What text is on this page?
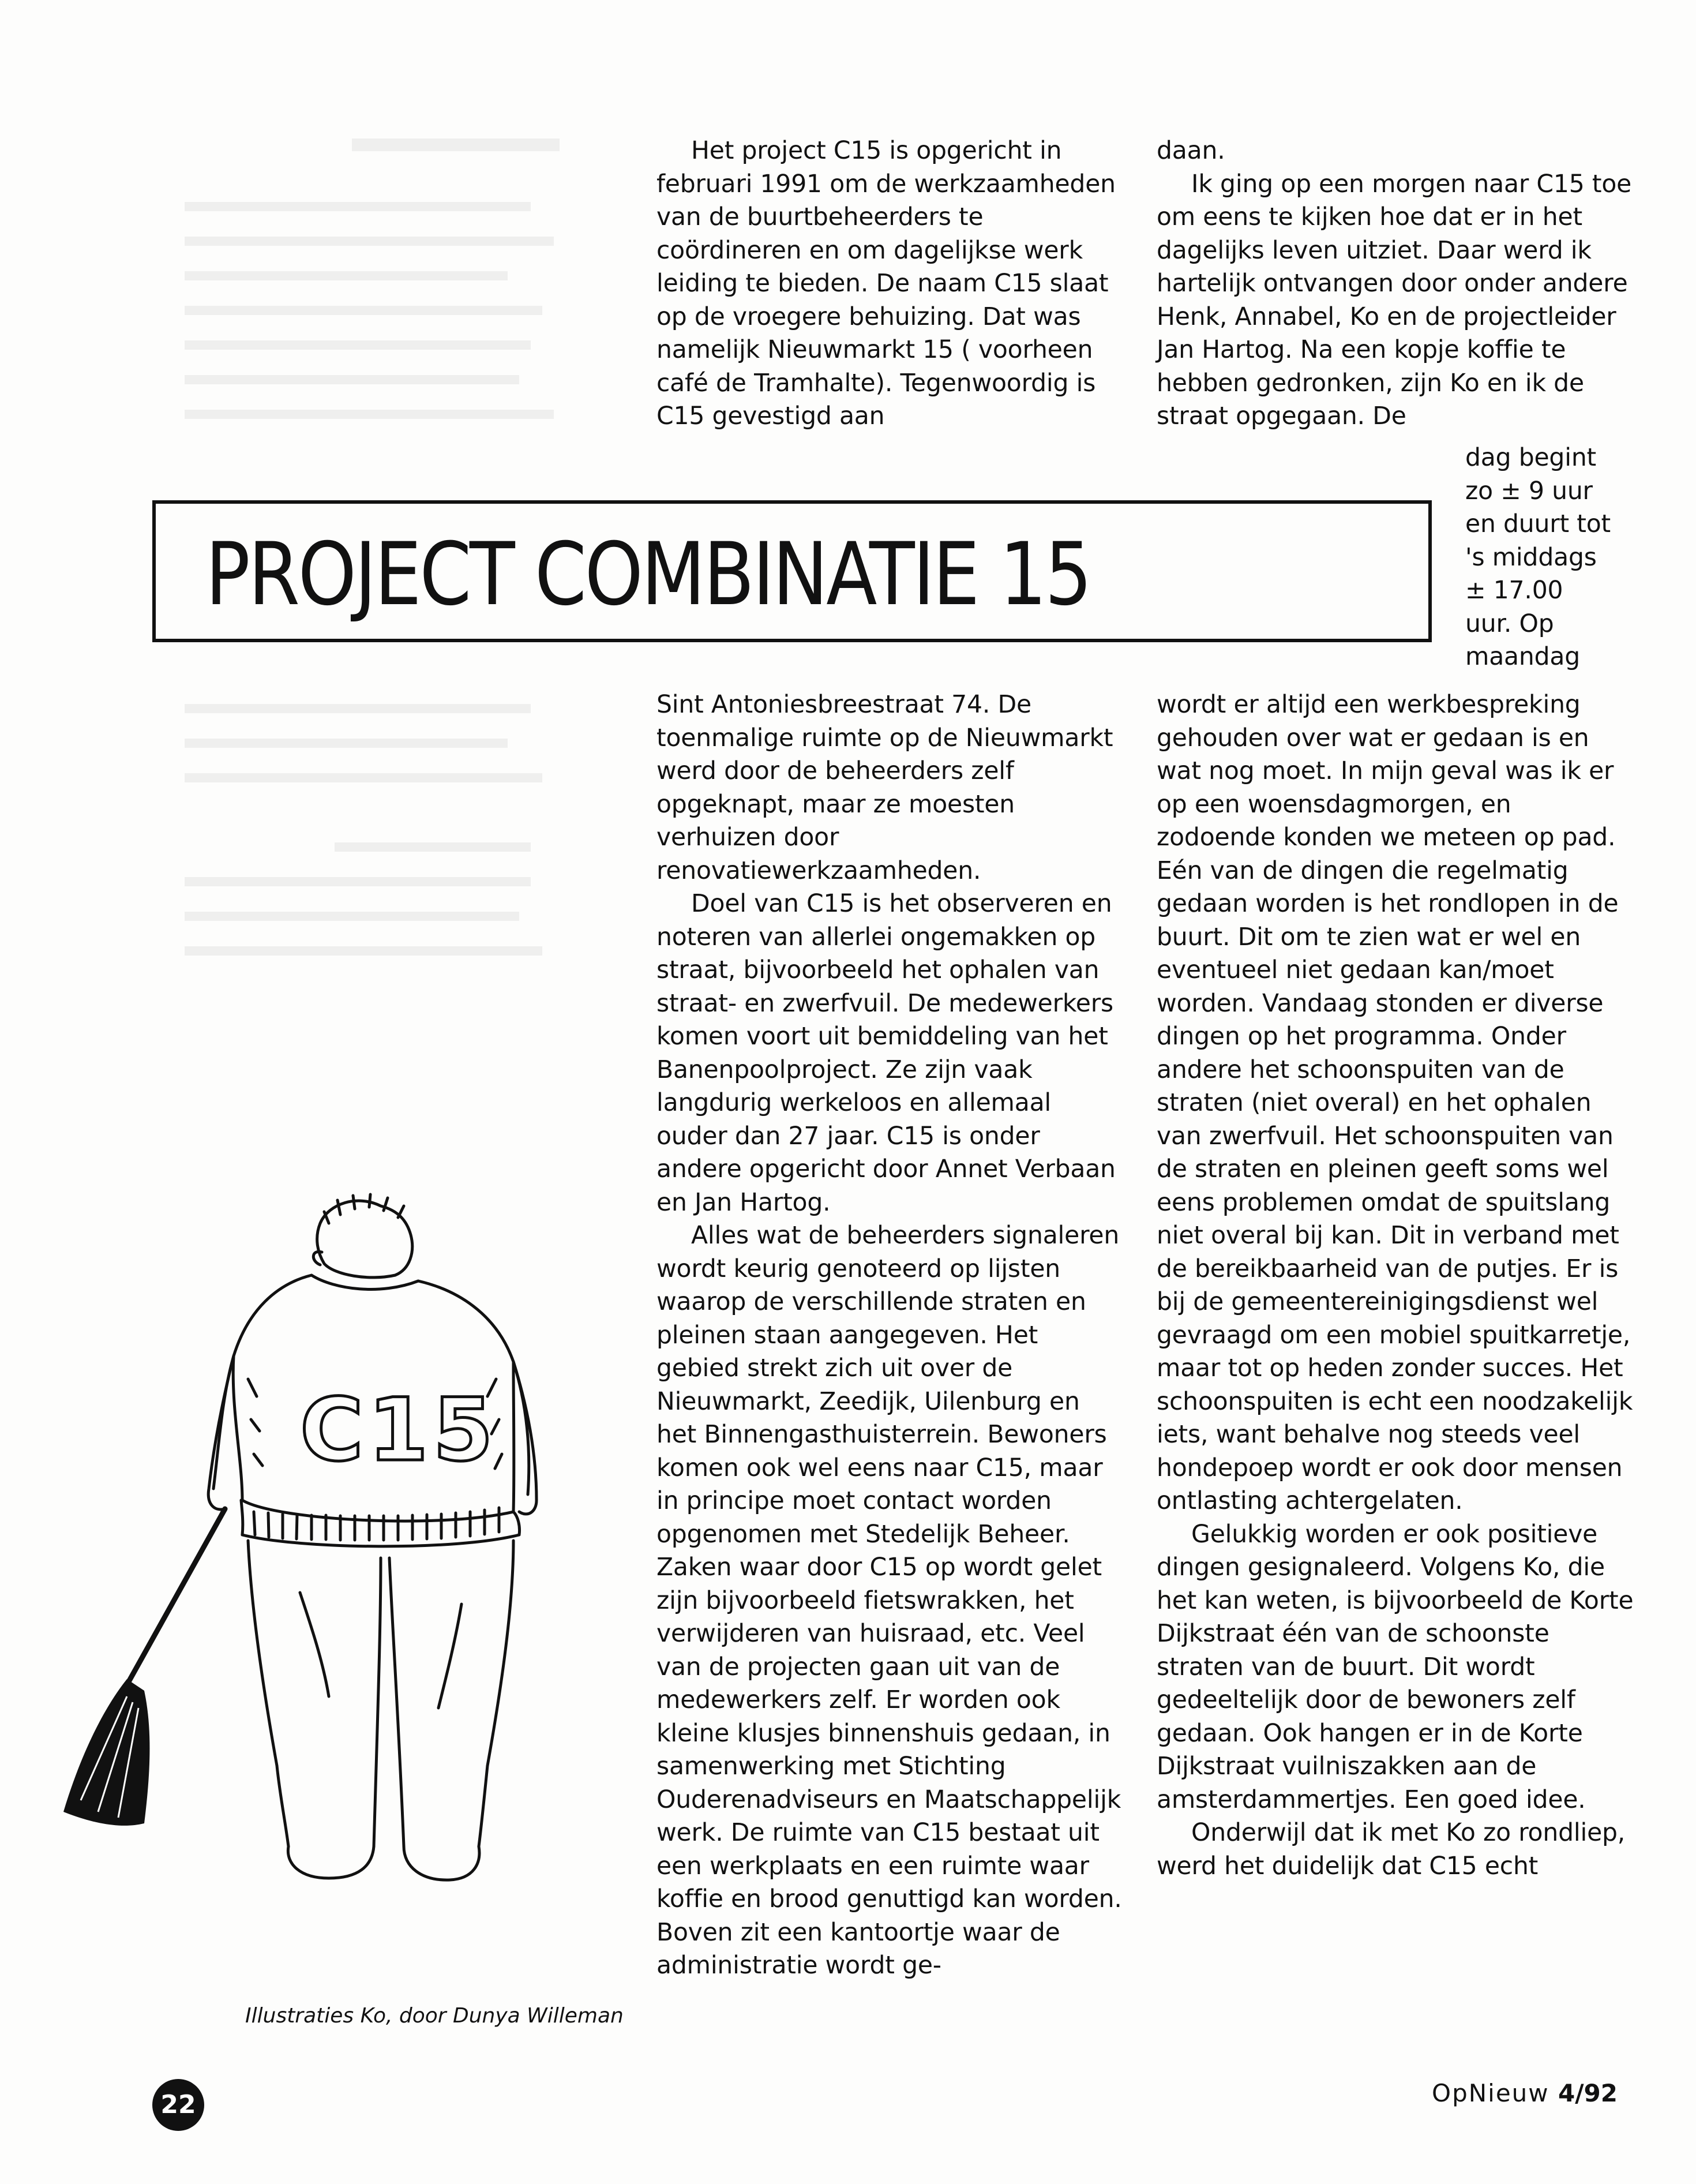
Het project C15 is opgericht in februari 1991 om de werkzaamheden van de buurtbeheerders te coördineren en om dagelijkse werk leiding te bieden. De naam C15 slaat op de vroegere behuizing. Dat was namelijk Nieuwmarkt 15 ( voorheen café de Tramhalte). Tegenwoordig is C15 gevestigd aan

daan.

Ik ging op een morgen naar C15 toe om eens te kijken hoe dat er in het dagelijks leven uitziet. Daar werd ik hartelijk ontvangen door onder andere Henk, Annabel, Ko en de projectleider Jan Hartog. Na een kopje koffie te hebben gedronken, zijn Ko en ik de straat opgegaan. De

dag begint

zo ± 9 uur

en duurt tot

's middags

± 17.00

uur. Op

maandag

PROJECT COMBINATIE 15

Sint Antoniesbreestraat 74. De toenmalige ruimte op de Nieuwmarkt werd door de beheerders zelf opgeknapt, maar ze moesten verhuizen door renovatiewerkzaamheden.

Doel van C15 is het observeren en noteren van allerlei ongemakken op straat, bijvoorbeeld het ophalen van straat- en zwerfvuil. De medewerkers komen voort uit bemiddeling van het Banenpoolproject. Ze zijn vaak langdurig werkeloos en allemaal ouder dan 27 jaar. C15 is onder andere opgericht door Annet Verbaan en Jan Hartog.

Alles wat de beheerders signaleren wordt keurig genoteerd op lijsten waarop de verschillende straten en pleinen staan aangegeven. Het gebied strekt zich uit over de Nieuwmarkt, Zeedijk, Uilenburg en het Binnengasthuisterrein. Bewoners komen ook wel eens naar C15, maar in principe moet contact worden opgenomen met Stedelijk Beheer. Zaken waar door C15 op wordt gelet zijn bijvoorbeeld fietswrakken, het verwijderen van huisraad, etc. Veel van de projecten gaan uit van de medewerkers zelf. Er worden ook kleine klusjes binnenshuis gedaan, in samenwerking met Stichting Ouderenadviseurs en Maatschappelijk werk. De ruimte van C15 bestaat uit een werkplaats en een ruimte waar koffie en brood genuttigd kan worden. Boven zit een kantoortje waar de administratie wordt ge-

wordt er altijd een werkbespreking gehouden over wat er gedaan is en wat nog moet. In mijn geval was ik er op een woensdagmorgen, en zodoende konden we meteen op pad. Eén van de dingen die regelmatig gedaan worden is het rondlopen in de buurt. Dit om te zien wat er wel en eventueel niet gedaan kan/moet worden. Vandaag stonden er diverse dingen op het programma. Onder andere het schoonspuiten van de straten (niet overal) en het ophalen van zwerfvuil. Het schoonspuiten van de straten en pleinen geeft soms wel eens problemen omdat de spuitslang niet overal bij kan. Dit in verband met de bereikbaarheid van de putjes. Er is bij de gemeentereinigingsdienst wel gevraagd om een mobiel spuitkarretje, maar tot op heden zonder succes. Het schoonspuiten is echt een noodzakelijk iets, want behalve nog steeds veel hondepoep wordt er ook door mensen ontlasting achtergelaten.

Gelukkig worden er ook positieve dingen gesignaleerd. Volgens Ko, die het kan weten, is bijvoorbeeld de Korte Dijkstraat één van de schoonste straten van de buurt. Dit wordt gedeeltelijk door de bewoners zelf gedaan. Ook hangen er in de Korte Dijkstraat vuilniszakken aan de amsterdammertjes. Een goed idee.

Onderwijl dat ik met Ko zo rondliep, werd het duidelijk dat C15 echt

C15
Illustraties Ko, door Dunya Willeman
22	OpNieuw 4/92
